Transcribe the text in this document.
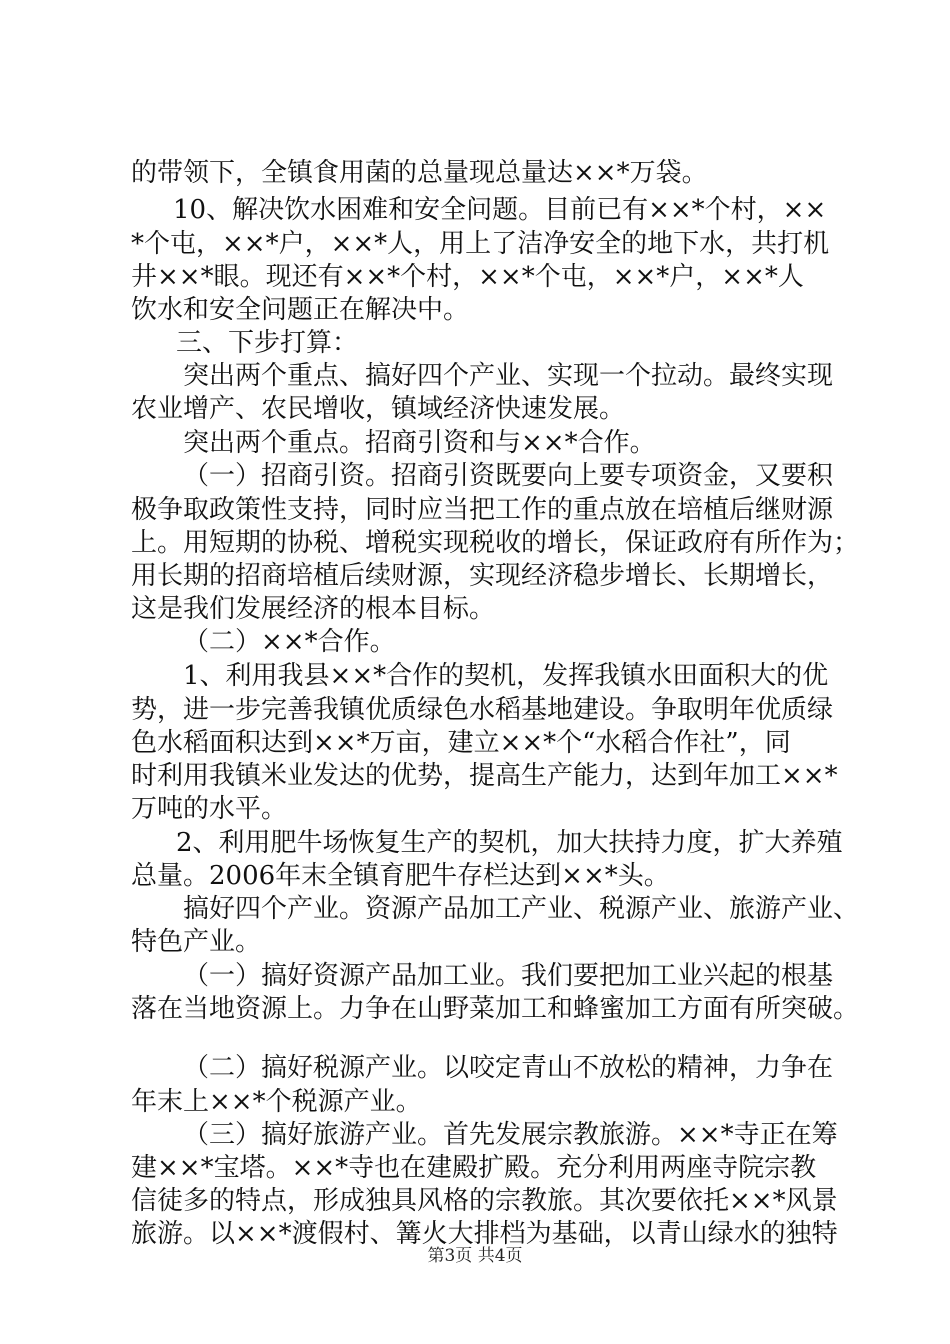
的带领下，全镇食用菌的总量现总量达××*万袋。
10、解决饮水困难和安全问题。目前已有××*个村，××
*个屯，××*户，××*人，用上了洁净安全的地下水，共打机
井××*眼。现还有××*个村，××*个屯，××*户，××*人
饮水和安全问题正在解决中。
三、下步打算：
突出两个重点、搞好四个产业、实现一个拉动。最终实现
农业增产、农民增收，镇域经济快速发展。
突出两个重点。招商引资和与××*合作。
（一）招商引资。招商引资既要向上要专项资金，又要积
极争取政策性支持，同时应当把工作的重点放在培植后继财源
上。用短期的协税、增税实现税收的增长，保证政府有所作为；
用长期的招商培植后续财源，实现经济稳步增长、长期增长，
这是我们发展经济的根本目标。
（二）××*合作。
1、利用我县××*合作的契机，发挥我镇水田面积大的优
势，进一步完善我镇优质绿色水稻基地建设。争取明年优质绿
色水稻面积达到××*万亩，建立××*个“水稻合作社”，同
时利用我镇米业发达的优势，提高生产能力，达到年加工××*
万吨的水平。
2、利用肥牛场恢复生产的契机，加大扶持力度，扩大养殖
总量。2006年末全镇育肥牛存栏达到××*头。
搞好四个产业。资源产品加工产业、税源产业、旅游产业、
特色产业。
（一）搞好资源产品加工业。我们要把加工业兴起的根基
落在当地资源上。力争在山野菜加工和蜂蜜加工方面有所突破。
（二）搞好税源产业。以咬定青山不放松的精神，力争在
年末上××*个税源产业。
（三）搞好旅游产业。首先发展宗教旅游。××*寺正在筹
建××*宝塔。××*寺也在建殿扩殿。充分利用两座寺院宗教
信徒多的特点，形成独具风格的宗教旅。其次要依托××*风景
旅游。以××*渡假村、篝火大排档为基础，以青山绿水的独特
第3页 共4页
